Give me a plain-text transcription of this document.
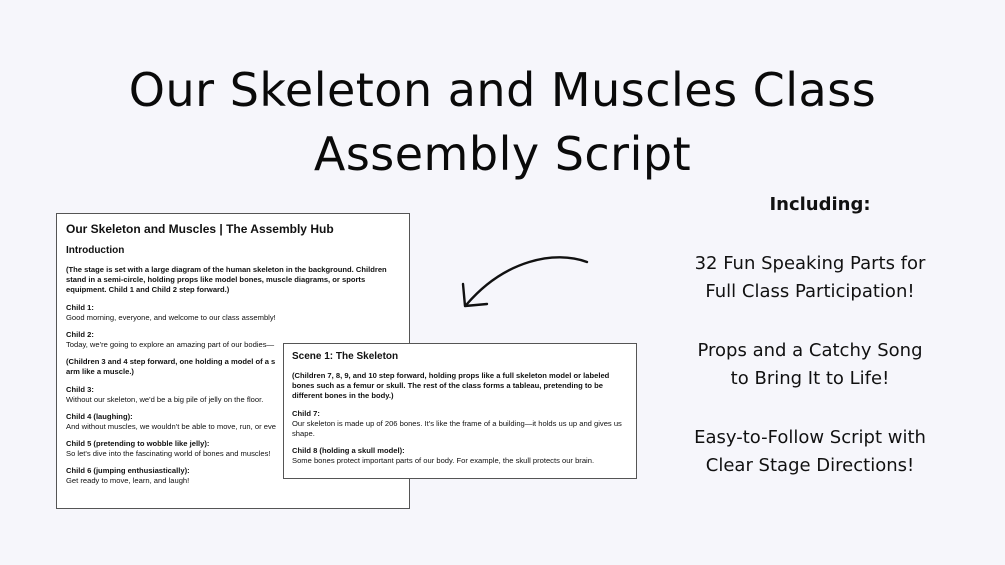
Our Skeleton and Muscles Class
Assembly Script
Our Skeleton and Muscles | The Assembly Hub
Introduction
(The stage is set with a large diagram of the human skeleton in the background. Children stand in a semi-circle, holding props like model bones, muscle diagrams, or sports equipment. Child 1 and Child 2 step forward.)
Child 1:
Good morning, everyone, and welcome to our class assembly!
Child 2:
Today, we're going to explore an amazing part of our bodies—
(Children 3 and 4 step forward, one holding a model of a s arm like a muscle.)
Child 3:
Without our skeleton, we'd be a big pile of jelly on the floor.
Child 4 (laughing):
And without muscles, we wouldn't be able to move, run, or eve
Child 5 (pretending to wobble like jelly):
So let's dive into the fascinating world of bones and muscles!
Child 6 (jumping enthusiastically):
Get ready to move, learn, and laugh!
Scene 1: The Skeleton
(Children 7, 8, 9, and 10 step forward, holding props like a full skeleton model or labeled bones such as a femur or skull. The rest of the class forms a tableau, pretending to be different bones in the body.)
Child 7:
Our skeleton is made up of 206 bones. It's like the frame of a building—it holds us up and gives us shape.
Child 8 (holding a skull model):
Some bones protect important parts of our body. For example, the skull protects our brain.
Including:
32 Fun Speaking Parts for
Full Class Participation!
Props and a Catchy Song
to Bring It to Life!
Easy-to-Follow Script with
Clear Stage Directions!
